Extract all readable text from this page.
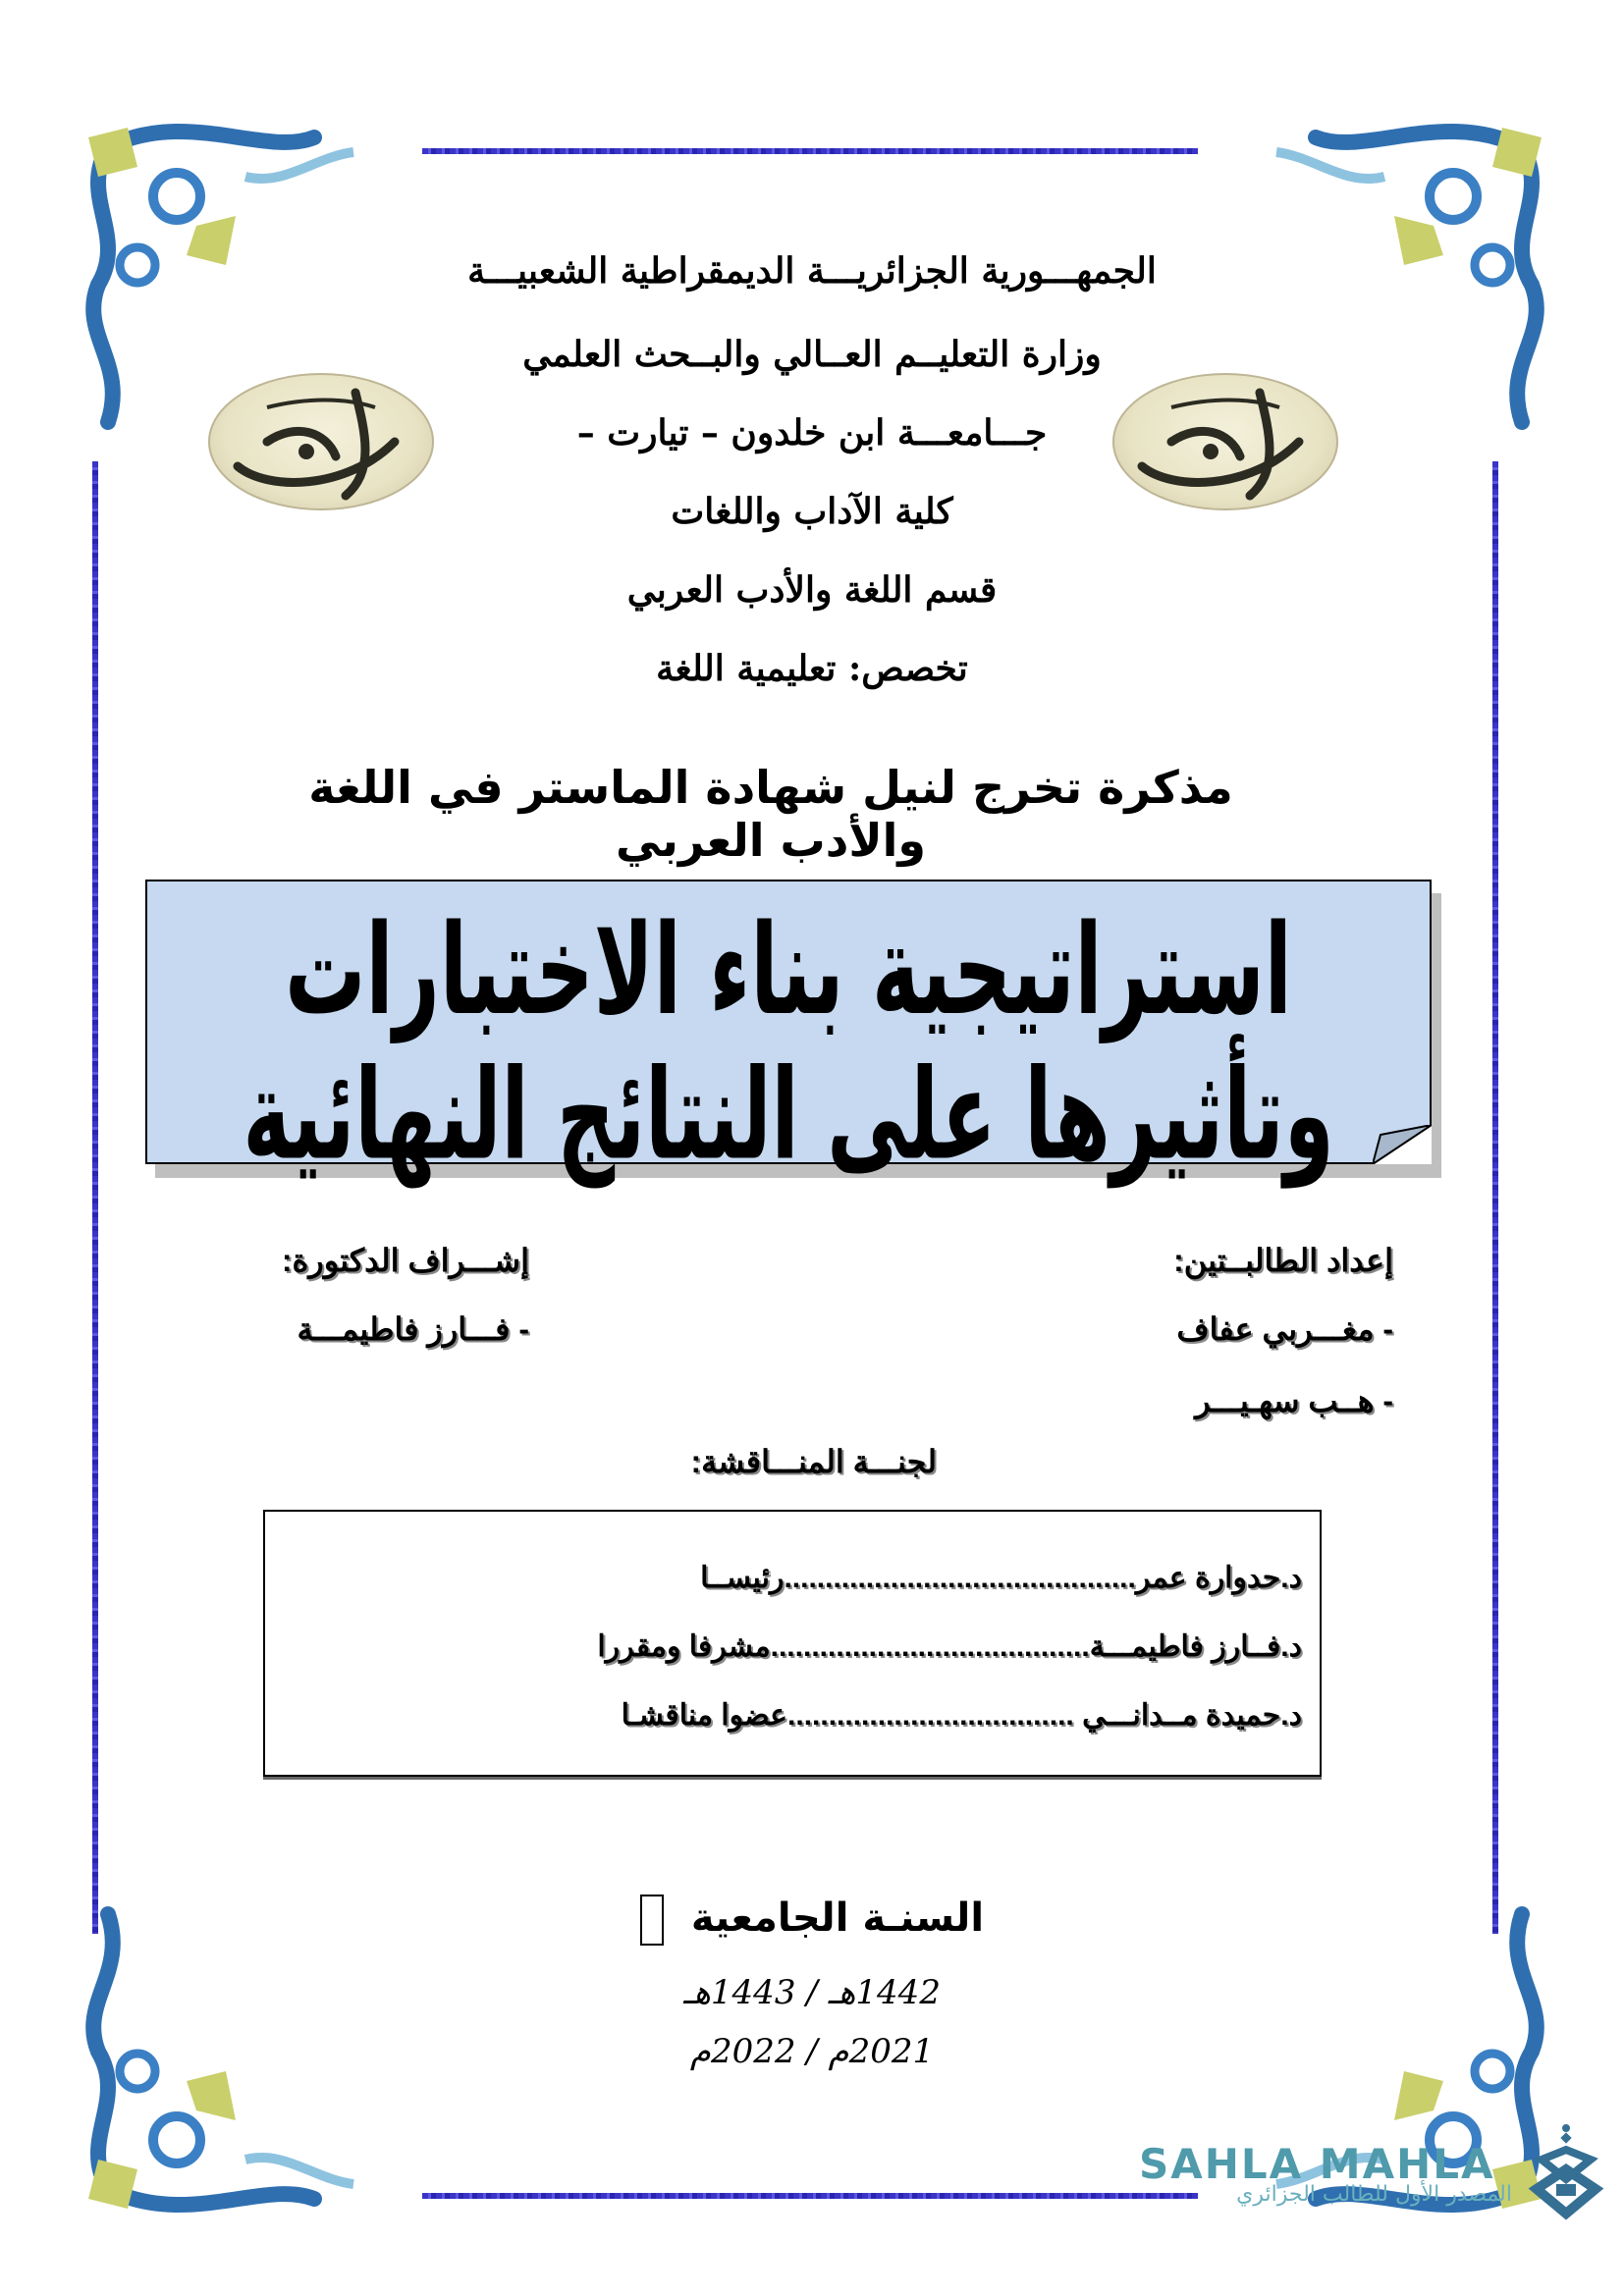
الجمهـــورية الجزائريـــة الديمقراطية الشعبيـــة
وزارة التعليــم العــالي والبــحث العلمي
جـــامعـــة ابن خلدون – تيارت –
كلية الآداب واللغات
قسم اللغة والأدب العربي
تخصص: تعليمية اللغة
مذكرة تخرج لنيل شهادة الماستر في اللغة والأدب العربي
استراتيجية بناء الاختبارات وتأثيرها على النتائج النهائية
إعداد الطالبــتين:
- مغـــربي عفاف
- هــب سهـيـــر
إشـــراف الدكتورة:
- فـــارز فاطيمـــة
لجنـــة المنـــاقشة:
د.حدوارة عمر...........................................رئيســا
د.فــارز فاطيمـــة.......................................مشرفا ومقررا
د.حميدة مــدانـــي ...................................عضوا مناقشـا
السنـة الجامعية
1442هـ / 1443هـ
2021م / 2022م
SAHLA MAHLA
المصدر الأول للطالب الجزائري
